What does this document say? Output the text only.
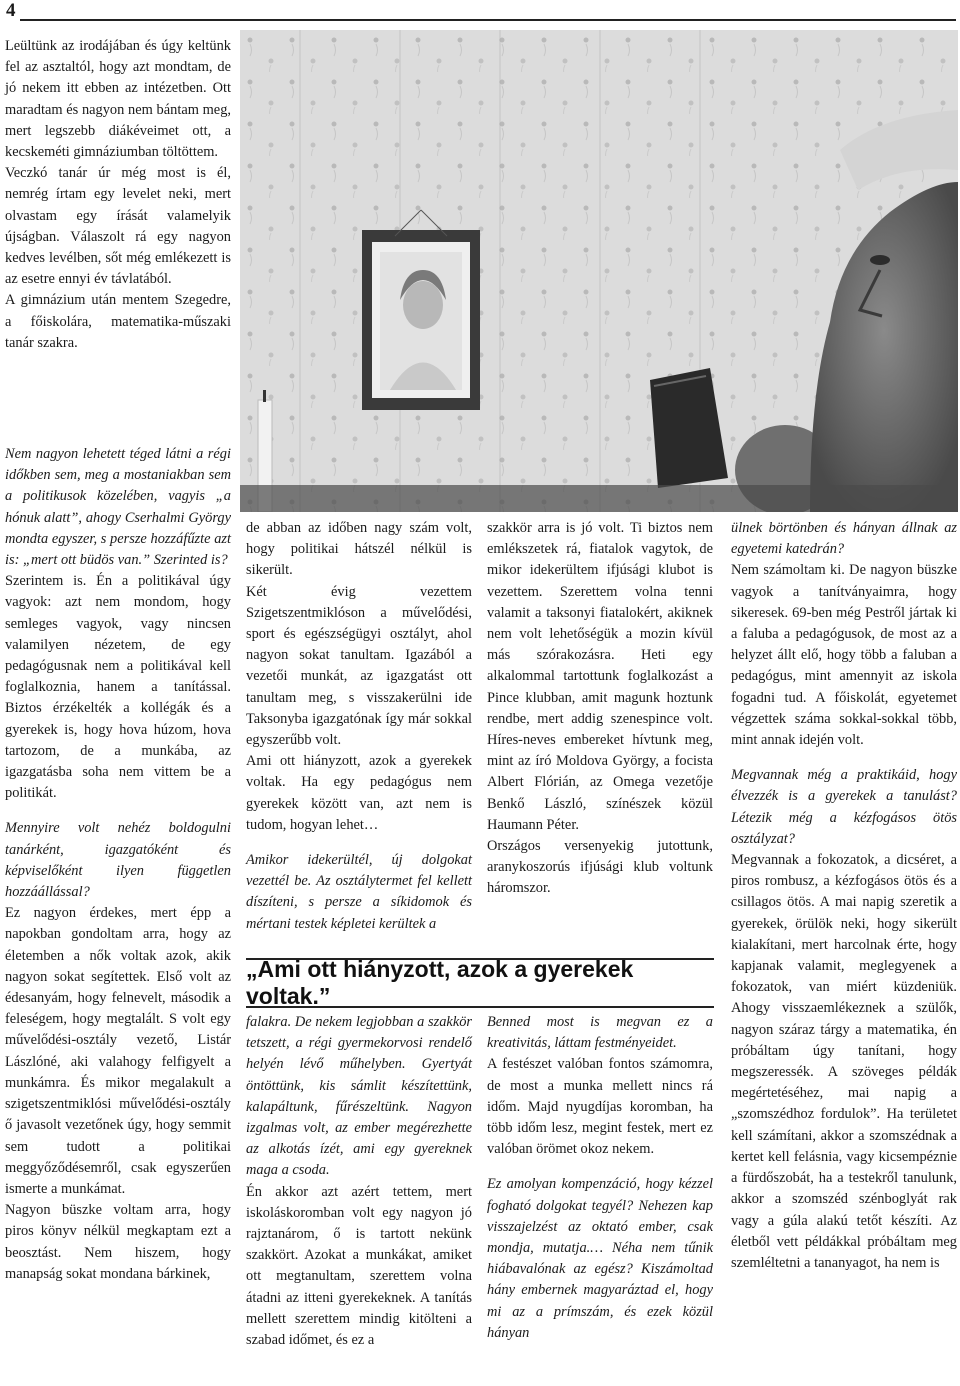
4

Leültünk az irodájában és úgy keltünk fel az asztaltól, hogy azt mondtam, de jó nekem itt ebben az intézetben. Ott maradtam és nagyon nem bántam meg, mert legszebb diákéveimet ott, a kecskeméti gimnáziumban töltöttem.

Veczkó tanár úr még most is él, nemrég írtam egy levelet neki, mert olvastam egy írását valamelyik újságban. Válaszolt rá egy nagyon kedves levélben, sőt még emlékezett is az esetre ennyi év távlatából.

A gimnázium után mentem Szegedre, a főiskolára, matematika-műszaki tanár szakra.

Nem nagyon lehetett téged látni a régi időkben sem, meg a mostaniakban sem a politikusok közelében, vagyis „a hónuk alatt”, ahogy Cserhalmi György mondta egyszer, s persze hozzáfűzte azt is: „mert ott büdös van.” Szerinted is?

Szerintem is. Én a politikával úgy vagyok: azt nem mondom, hogy semleges vagyok, vagy nincsen valamilyen nézetem, de egy pedagógusnak nem a politikával kell foglalkoznia, hanem a tanítással. Biztos érzékelték a kollégák és a gyerekek is, hogy hova húzom, hova tartozom, de a munkába, az igazgatásba soha nem vittem be a politikát.

Mennyire volt nehéz boldogulni tanárként, igazgatóként és képviselőként ilyen független hozzáállással?

Ez nagyon érdekes, mert épp a napokban gondoltam arra, hogy az életemben a nők voltak azok, akik nagyon sokat segítettek. Első volt az édesanyám, hogy felnevelt, második a feleségem, hogy megtalált. S volt egy művelődési-osztály vezető, Listár Lászlóné, aki valahogy felfigyelt a munkámra. És mikor megalakult a szigetszentmiklósi művelődési-osztály ő javasolt vezetőnek úgy, hogy semmit sem tudott a politikai meggyőződésemről, csak egyszerűen ismerte a munkámat.

Nagyon büszke voltam arra, hogy piros könyv nélkül megkaptam ezt a beosztást. Nem hiszem, hogy manapság sokat mondana bárkinek,

de abban az időben nagy szám volt, hogy politikai hátszél nélkül is sikerült.

Két évig vezettem Szigetszentmiklóson a művelődési, sport és egészségügyi osztályt, ahol nagyon sokat tanultam. Igazából a vezetői munkát, az igazgatást ott tanultam meg, s visszakerülni ide Taksonyba igazgatónak így már sokkal egyszerűbb volt.

Ami ott hiányzott, azok a gyerekek voltak. Ha egy pedagógus nem gyerekek között van, azt nem is tudom, hogyan lehet…

Amikor idekerültél, új dolgokat vezettél be. Az osztálytermet fel kellett díszíteni, s persze a síkidomok és mértani testek képletei kerültek a

szakkör arra is jó volt. Ti biztos nem emlékszetek rá, fiatalok vagytok, de mikor idekerültem ifjúsági klubot is vezettem. Szerettem volna tenni valamit a taksonyi fiatalokért, akiknek nem volt lehetőségük a mozin kívül más szórakozásra. Heti egy alkalommal tartottunk foglalkozást a Pince klubban, amit magunk hoztunk rendbe, mert addig szenespince volt. Híres-neves embereket hívtunk meg, mint az író Moldova György, a focista Albert Flórián, az Omega vezetője Benkő László, színészek közül Haumann Péter.

Országos versenyekig jutottunk, aranykoszorús ifjúsági klub voltunk háromszor.

„Ami ott hiányzott, azok a gyerekek voltak.”

falakra. De nekem legjobban a szakkör tetszett, a régi gyermekorvosi rendelő helyén lévő műhelyben. Gyertyát öntöttünk, kis sámlit készítettünk, kalapáltunk, fűrészeltünk. Nagyon izgalmas volt, az ember megérezhette az alkotás ízét, ami egy gyereknek maga a csoda.

Én akkor azt azért tettem, mert iskoláskoromban volt egy nagyon jó rajztanárom, ő is tartott nekünk szakkört. Azokat a munkákat, amiket ott megtanultam, szerettem volna átadni az itteni gyerekeknek. A tanítás mellett szerettem mindig kitölteni a szabad időmet, és ez a

Benned most is megvan ez a kreativitás, láttam festményeidet.

A festészet valóban fontos számomra, de most a munka mellett nincs rá időm. Majd nyugdíjas koromban, ha több időm lesz, megint festek, mert ez valóban örömet okoz nekem.

Ez amolyan kompenzáció, hogy kézzel fogható dolgokat tegyél? Nehezen kap visszajelzést az oktató ember, csak mondja, mutatja.… Néha nem tűnik hiábavalónak az egész? Kiszámoltad hány embernek magyaráztad el, hogy mi az a prímszám, és ezek közül hányan

ülnek börtönben és hányan állnak az egyetemi katedrán?

Nem számoltam ki. De nagyon büszke vagyok a tanítványaimra, hogy sikeresek. 69-ben még Pestről jártak ki a faluba a pedagógusok, de most az a helyzet állt elő, hogy több a faluban a pedagógus, mint amennyit az iskola fogadni tud. A főiskolát, egyetemet végzettek száma sokkal-sokkal több, mint annak idején volt.

Megvannak még a praktikáid, hogy élvezzék is a gyerekek a tanulást? Létezik még a kézfogásos ötös osztályzat?

Megvannak a fokozatok, a dicséret, a piros rombusz, a kézfogásos ötös és a csillagos ötös. A mai napig szeretik a gyerekek, örülök neki, hogy sikerült kialakítani, mert harcolnak érte, hogy kapjanak valamit, meglegyenek a fokozatok, van miért küzdeniük. Ahogy visszaemlékeznek a szülők, nagyon száraz tárgy a matematika, én próbáltam úgy tanítani, hogy megszeressék. A szöveges példák megértetéséhez, mai napig a „szomszédhoz fordulok”. Ha területet kell számítani, akkor a szomszédnak a kertet kell felásnia, vagy kicsempéznie a fürdőszobát, ha a testekről tanulunk, akkor a szomszéd szénboglyát rak vagy a gúla alakú tetőt készíti. Az életből vett példákkal próbáltam meg szemléltetni a tananyagot, ha nem is
